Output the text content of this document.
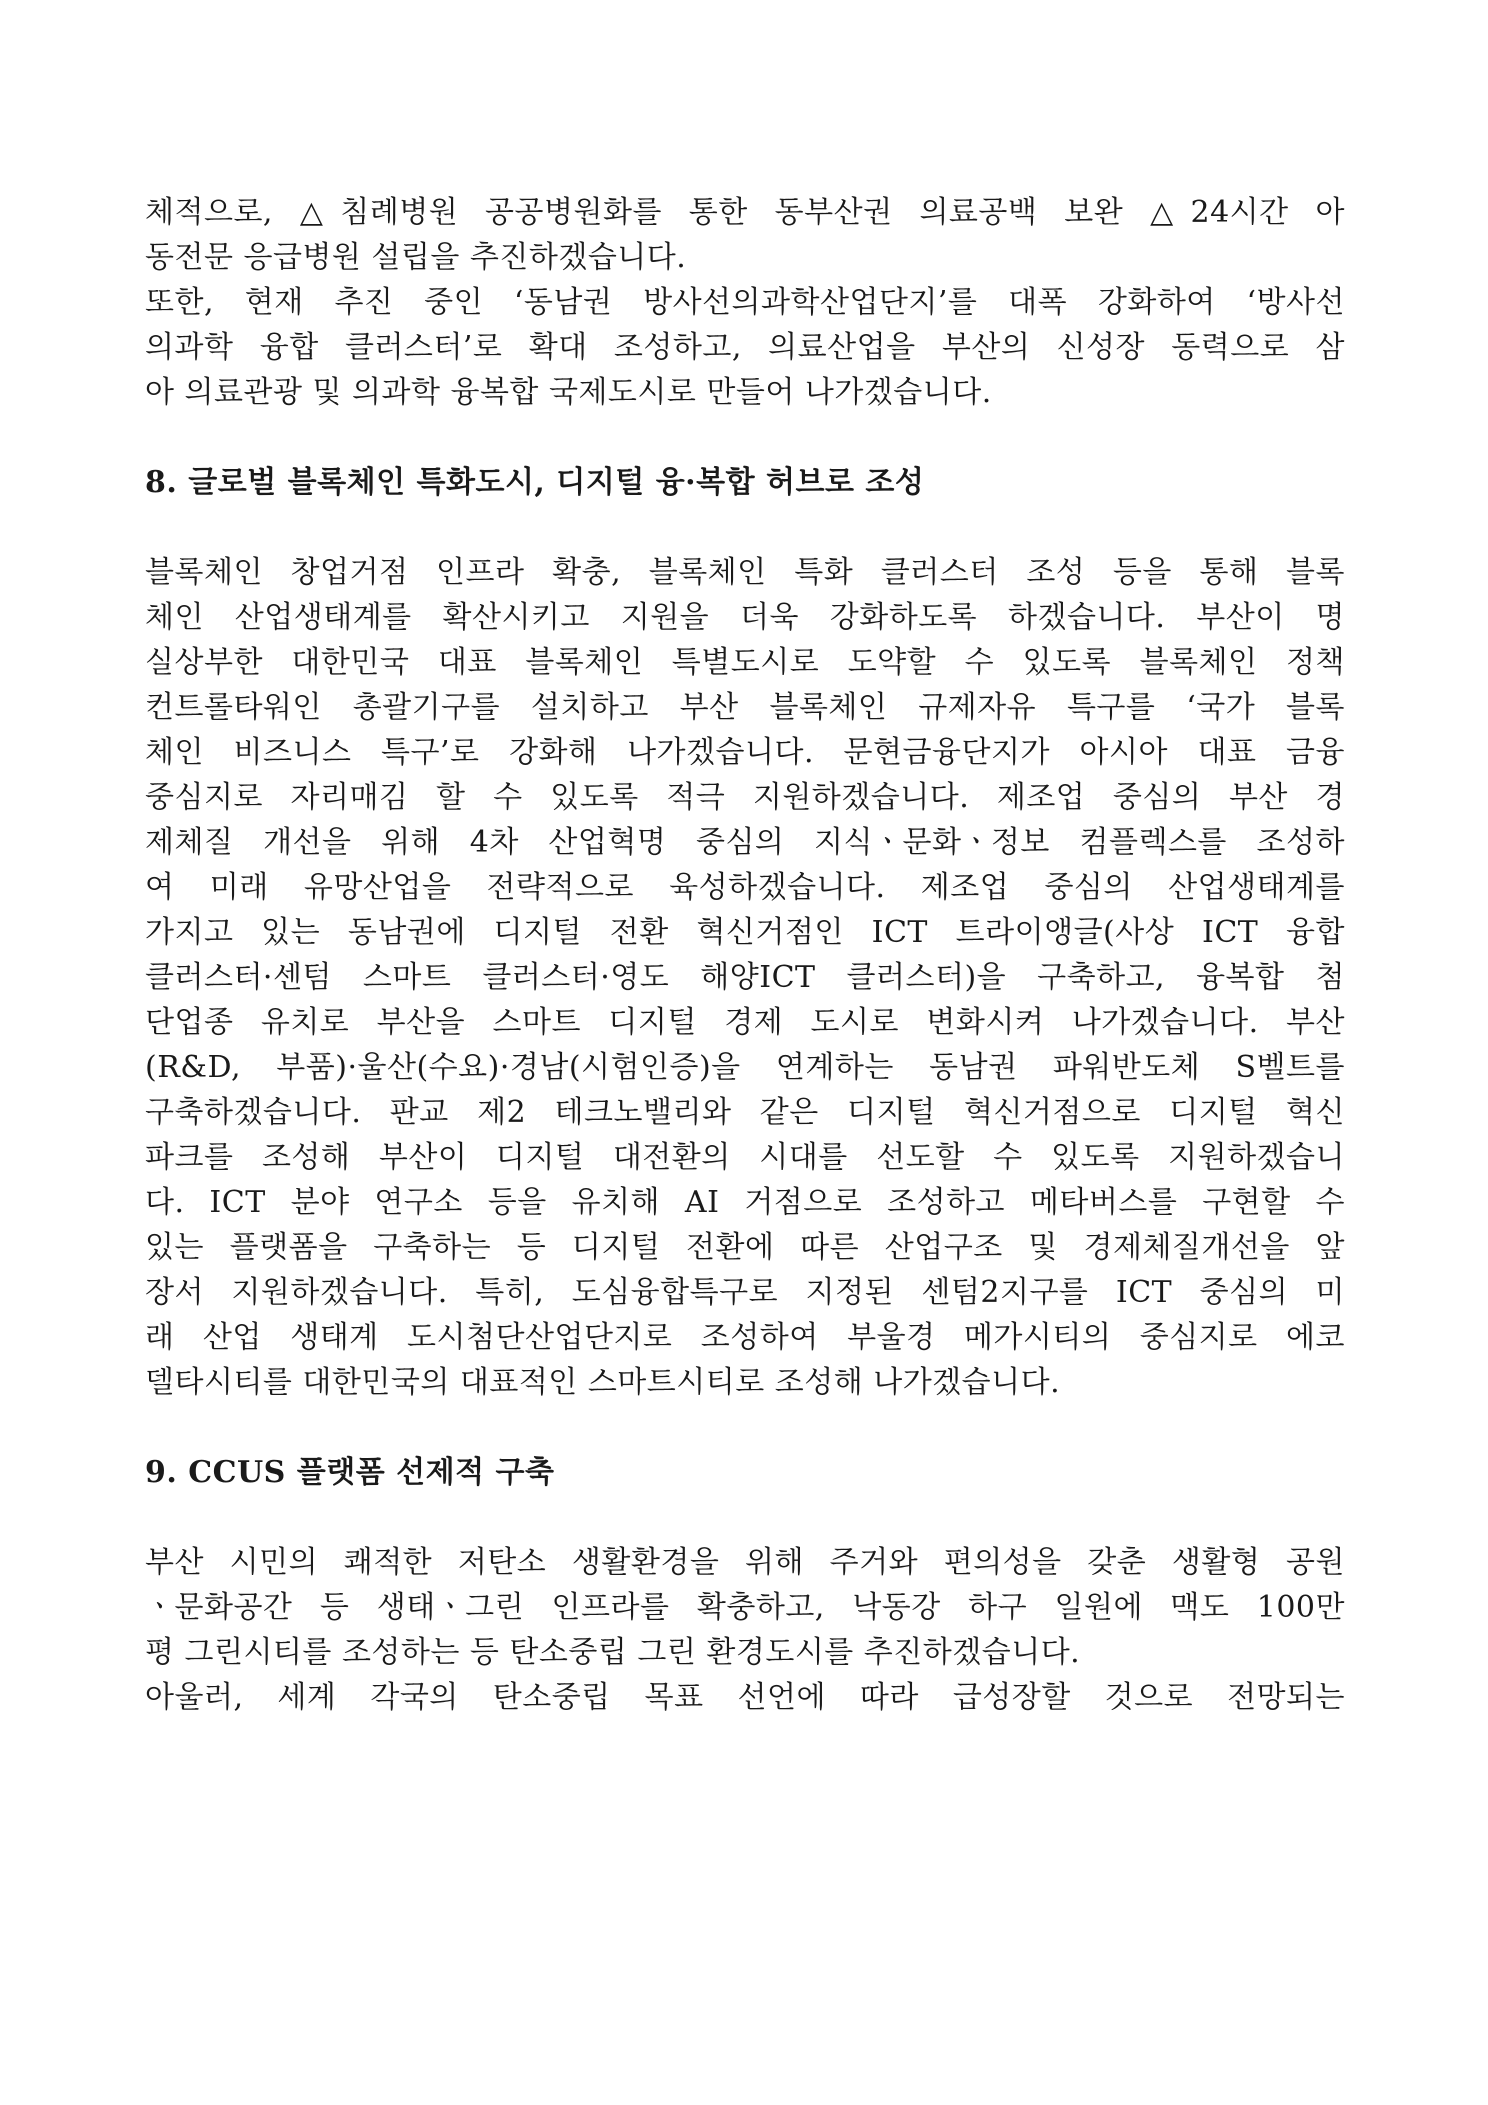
체적으로, △침례병원 공공병원화를 통한 동부산권 의료공백 보완 △24시간 아
동전문 응급병원 설립을 추진하겠습니다.
또한, 현재 추진 중인 ‘동남권 방사선의과학산업단지’를 대폭 강화하여 ‘방사선
의과학 융합 클러스터’로 확대 조성하고, 의료산업을 부산의 신성장 동력으로 삼
아 의료관광 및 의과학 융복합 국제도시로 만들어 나가겠습니다.
8. 글로벌 블록체인 특화도시, 디지털 융·복합 허브로 조성
블록체인 창업거점 인프라 확충, 블록체인 특화 클러스터 조성 등을 통해 블록
체인 산업생태계를 확산시키고 지원을 더욱 강화하도록 하겠습니다. 부산이 명
실상부한 대한민국 대표 블록체인 특별도시로 도약할 수 있도록 블록체인 정책
컨트롤타워인 총괄기구를 설치하고 부산 블록체인 규제자유 특구를 ‘국가 블록
체인 비즈니스 특구’로 강화해 나가겠습니다. 문현금융단지가 아시아 대표 금융
중심지로 자리매김 할 수 있도록 적극 지원하겠습니다. 제조업 중심의 부산 경
제체질 개선을 위해 4차 산업혁명 중심의 지식ㆍ문화ㆍ정보 컴플렉스를 조성하
여 미래 유망산업을 전략적으로 육성하겠습니다. 제조업 중심의 산업생태계를
가지고 있는 동남권에 디지털 전환 혁신거점인 ICT 트라이앵글(사상 ICT 융합
클러스터·센텀 스마트 클러스터·영도 해양ICT 클러스터)을 구축하고, 융복합 첨
단업종 유치로 부산을 스마트 디지털 경제 도시로 변화시켜 나가겠습니다. 부산
(R&D, 부품)·울산(수요)·경남(시험인증)을 연계하는 동남권 파워반도체 S벨트를
구축하겠습니다. 판교 제2 테크노밸리와 같은 디지털 혁신거점으로 디지털 혁신
파크를 조성해 부산이 디지털 대전환의 시대를 선도할 수 있도록 지원하겠습니
다. ICT 분야 연구소 등을 유치해 AI 거점으로 조성하고 메타버스를 구현할 수
있는 플랫폼을 구축하는 등 디지털 전환에 따른 산업구조 및 경제체질개선을 앞
장서 지원하겠습니다. 특히, 도심융합특구로 지정된 센텀2지구를 ICT 중심의 미
래 산업 생태계 도시첨단산업단지로 조성하여 부울경 메가시티의 중심지로 에코
델타시티를 대한민국의 대표적인 스마트시티로 조성해 나가겠습니다.
9. CCUS 플랫폼 선제적 구축
부산 시민의 쾌적한 저탄소 생활환경을 위해 주거와 편의성을 갖춘 생활형 공원
ㆍ문화공간 등 생태ㆍ그린 인프라를 확충하고, 낙동강 하구 일원에 맥도 100만
평 그린시티를 조성하는 등 탄소중립 그린 환경도시를 추진하겠습니다.
아울러, 세계 각국의 탄소중립 목표 선언에 따라 급성장할 것으로 전망되는
